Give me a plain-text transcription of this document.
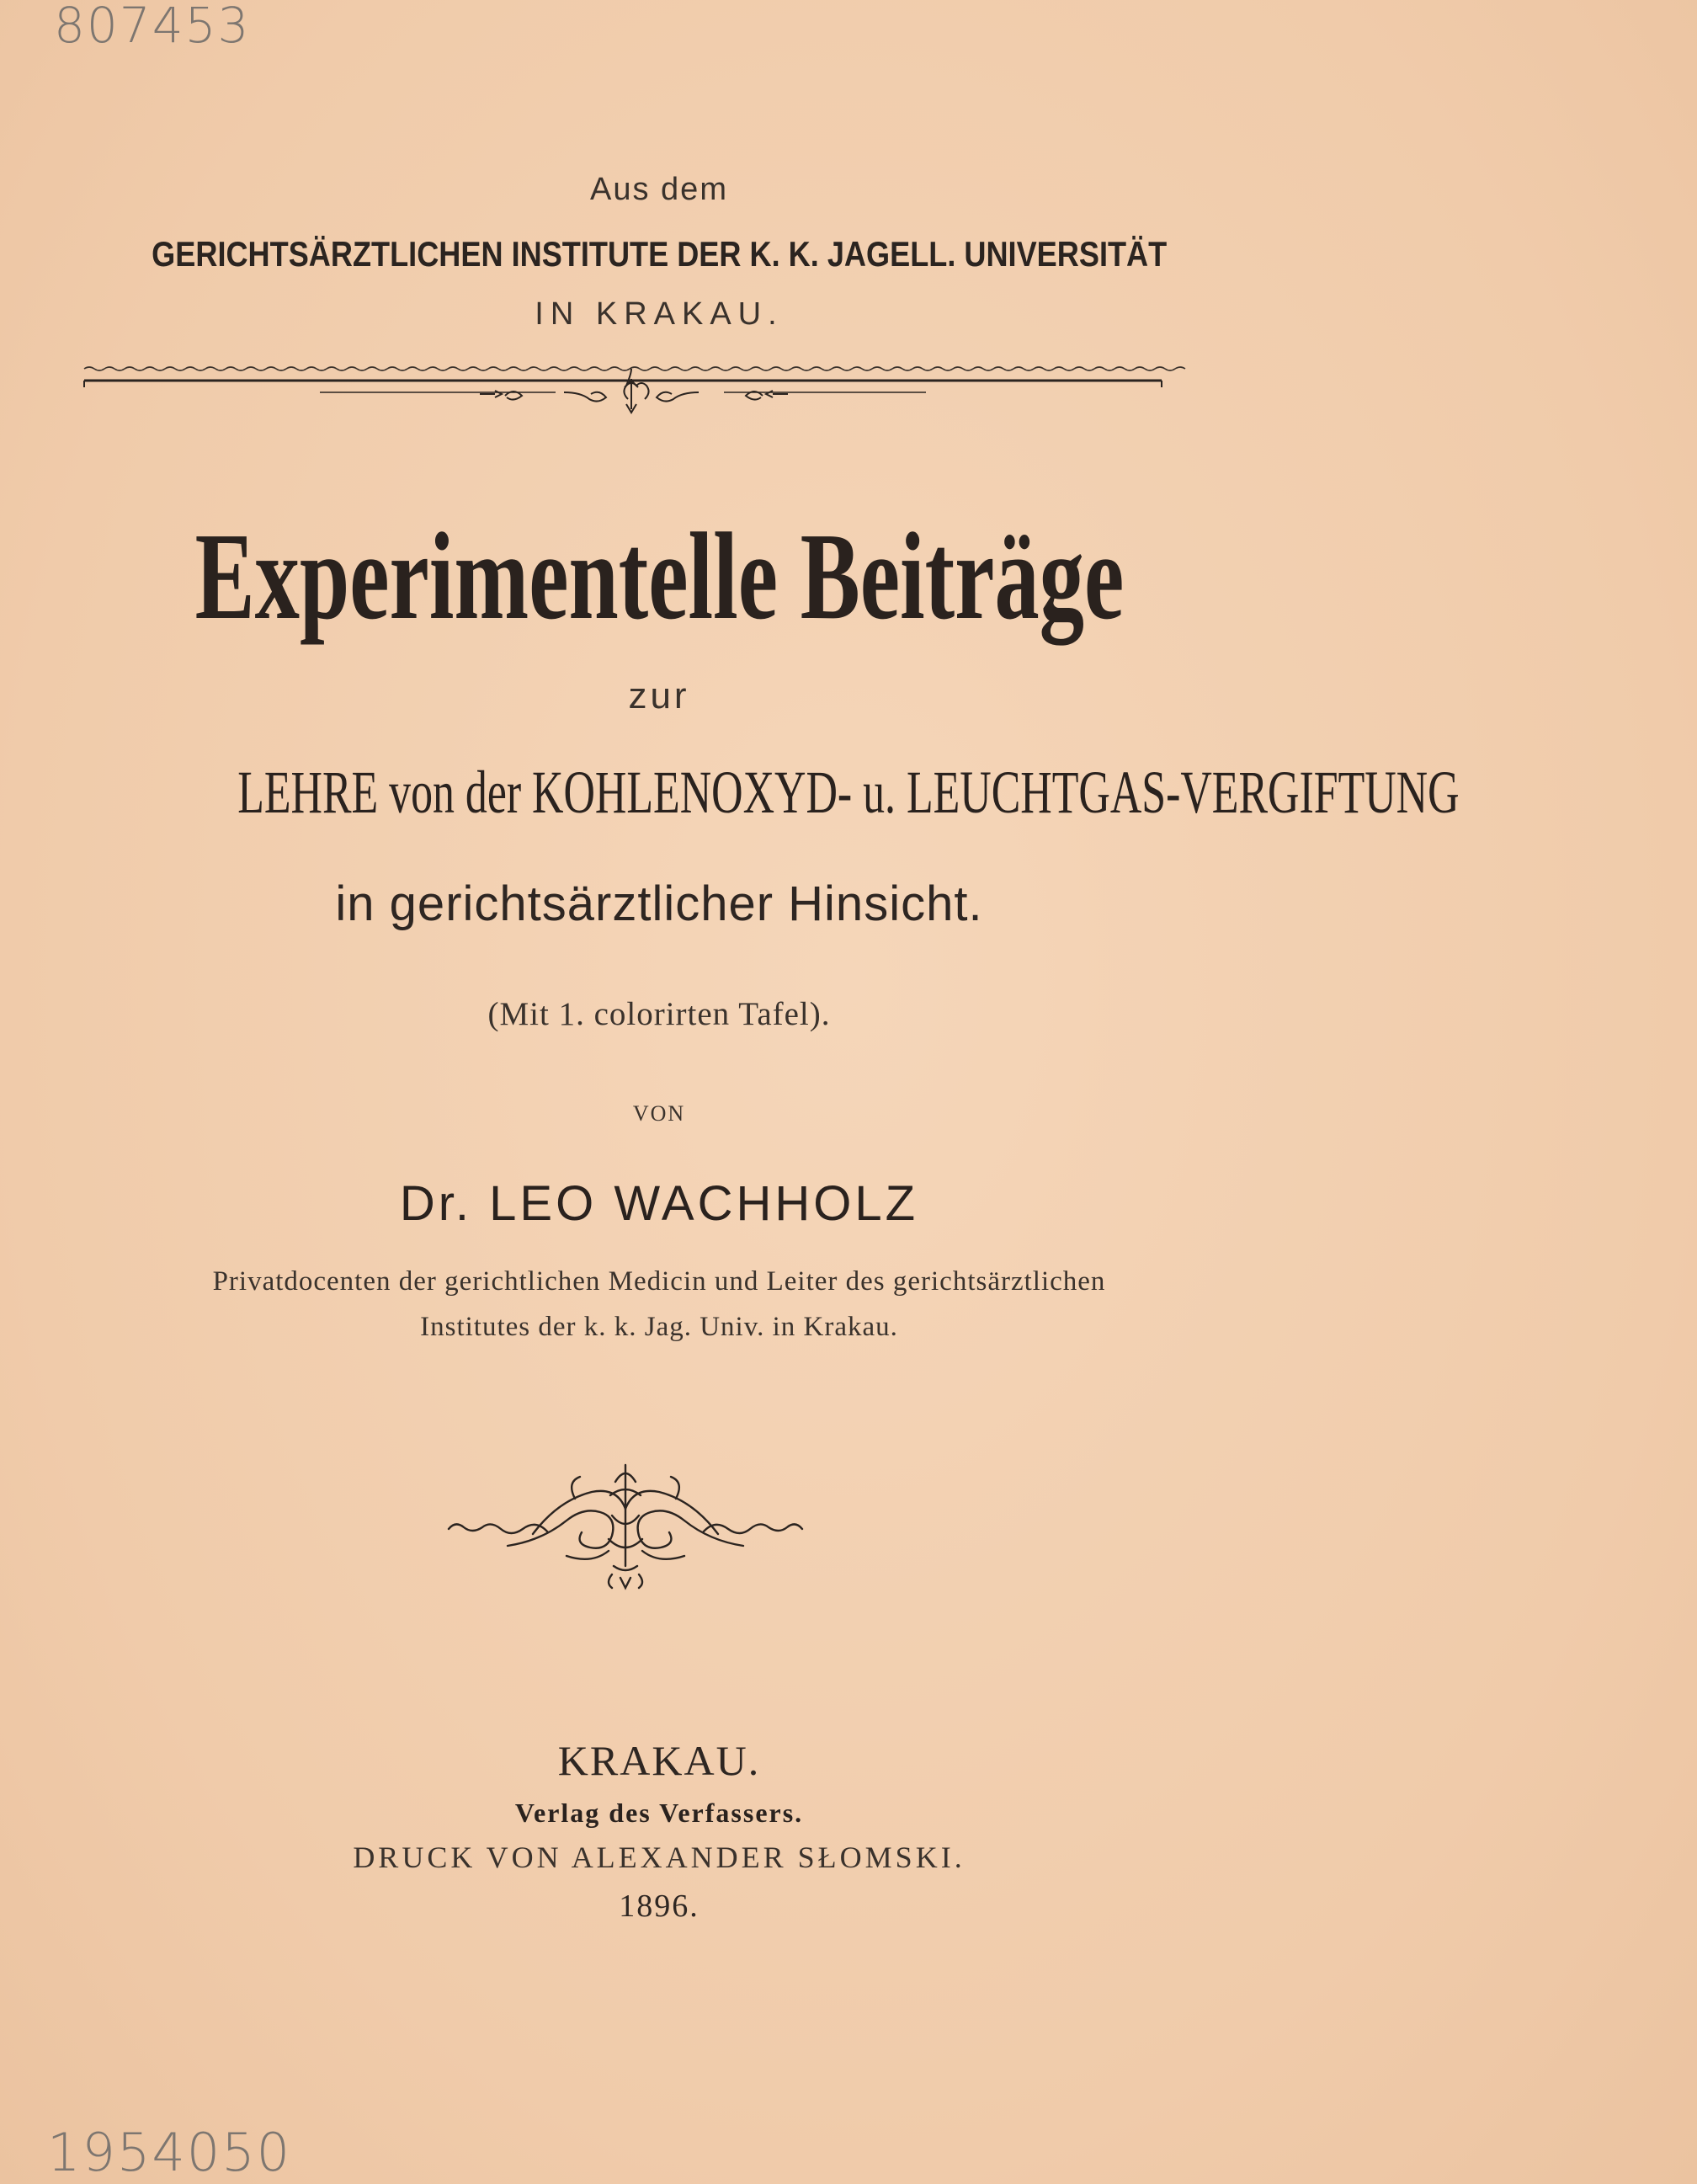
807453
1954050
Aus dem
GERICHTSÄRZTLICHEN INSTITUTE DER K. K. JAGELL. UNIVERSITÄT
IN KRAKAU.
Experimentelle Beiträge
zur
LEHRE von der KOHLENOXYD- u. LEUCHTGAS-VERGIFTUNG
in gerichtsärztlicher Hinsicht.
(Mit 1. colorirten Tafel).
VON
Dr. LEO WACHHOLZ
Privatdocenten der gerichtlichen Medicin und Leiter des gerichtsärztlichen
Institutes der k. k. Jag. Univ. in Krakau.
KRAKAU.
Verlag des Verfassers.
DRUCK VON ALEXANDER SŁOMSKI.
1896.
